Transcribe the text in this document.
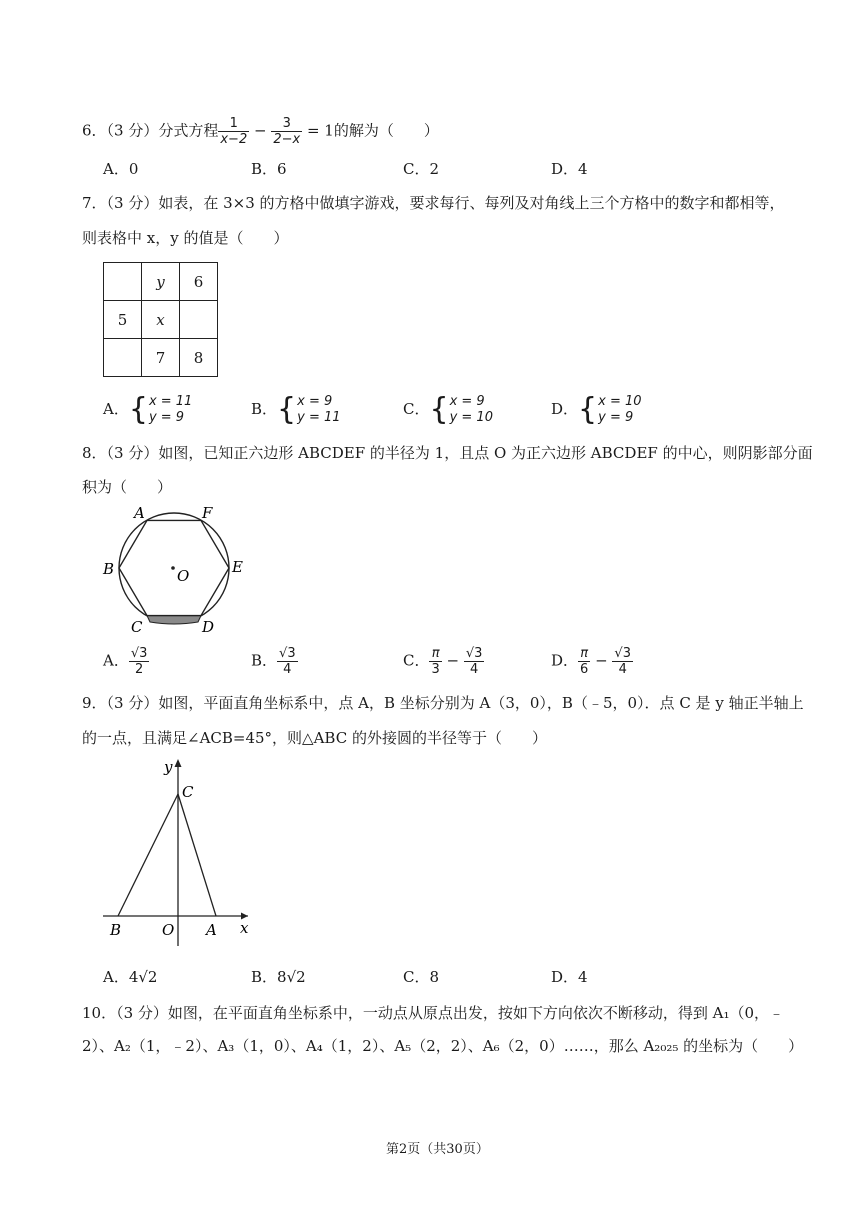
6．（3 分）分式方程 $\frac{1}{x-2} - \frac{3}{2-x} = 1$的解为（　　）
A．0	B．6	C．2	D．4
7．（3 分）如表，在 3×3 的方格中做填字游戏，要求每行、每列及对角线上三个方格中的数字和都相等，
则表格中 x，y 的值是（　　）
	y	6
5	x	
	7	8
A．{ x = 11
y = 9	B．{ x = 9
y = 11	C．{ x = 9
y = 10	D．{ x = 10
y = 9
8．（3 分）如图，已知正六边形 ABCDEF 的半径为 1，且点 O 为正六边形 ABCDEF 的中心，则阴影部分面
积为（　　）
A	F
B	E
C	D
O
A． $\frac{√3}{2}$	B． $\frac{√3}{4}$	C． $\frac{\pi}{3} - \frac{√3}{4}$	D． $\frac{\pi}{6} - \frac{√3}{4}$
9．（3 分）如图，平面直角坐标系中，点 A，B 坐标分别为 A（3，0），B（﹣5，0）．点 C 是 y 轴正半轴上
的一点，且满足∠ACB=45°，则△ABC 的外接圆的半径等于（　　）
y
C
B	O A x
A．4√2	B．8√2	C．8	D．4
10．（3 分）如图，在平面直角坐标系中，一动点从原点出发，按如下方向依次不断移动，得到 A₁（0，﹣
2）、A₂（1，﹣2）、A₃（1，0）、A₄（1，2）、A₅（2，2）、A₆（2，0）……，那么 A₂₀₂₅ 的坐标为（　　）
第2页（共30页）
